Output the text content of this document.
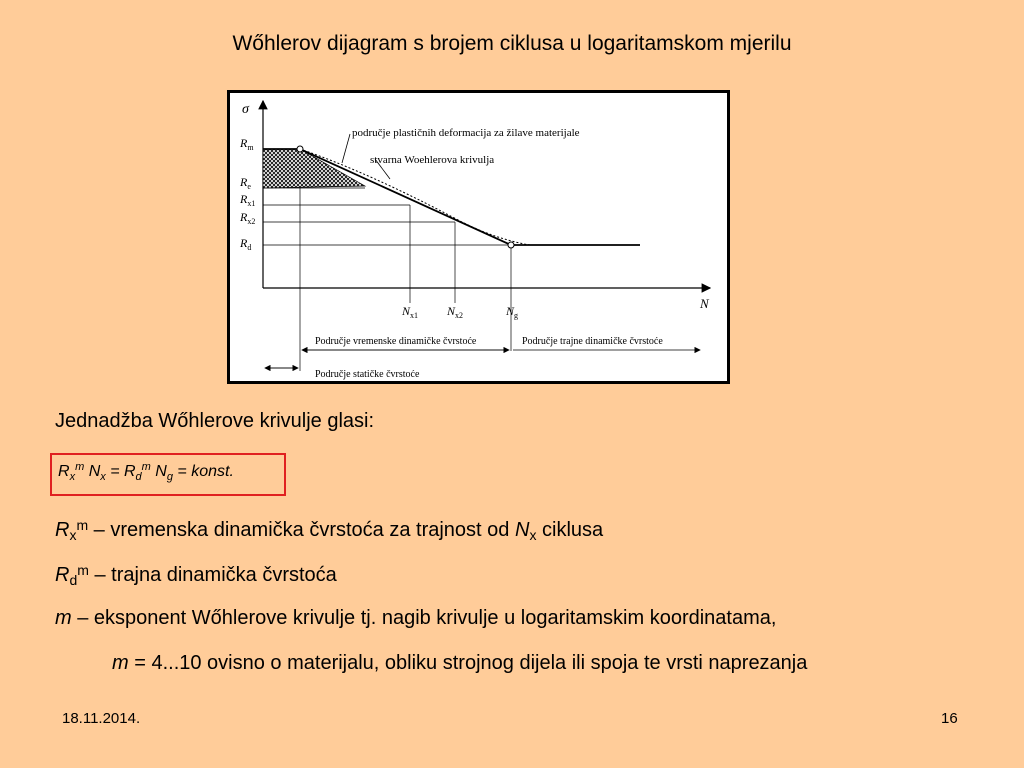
Wőhlerov dijagram s brojem ciklusa u logaritamskom mjerilu
σ
N
$R_m$
$R_e$
$R_{x1}$
$R_{x2}$
$R_d$
$N_{x1}$ $N_{x2}$	$N_g$
područje plastičnih deformacija za žilave materijale
stvarna Woehlerova krivulja
Područje vremenske dinamičke čvrstoće	Područje trajne dinamičke čvrstoće
Područje statičke čvrstoće
Jednadžba Wőhlerove krivulje glasi:
$R_x^m$ $N_x = R_d^m$ $N_g$ = konst.
$R_x^m$ – vremenska dinamička čvrstoća za trajnost od $N_x$ ciklusa
$R_d^m$ – trajna dinamička čvrstoća
m – eksponent Wőhlerove krivulje tj. nagib krivulje u logaritamskim koordinatama,
m = 4...10 ovisno o materijalu, obliku strojnog dijela ili spoja te vrsti naprezanja
18.11.2014.	16
